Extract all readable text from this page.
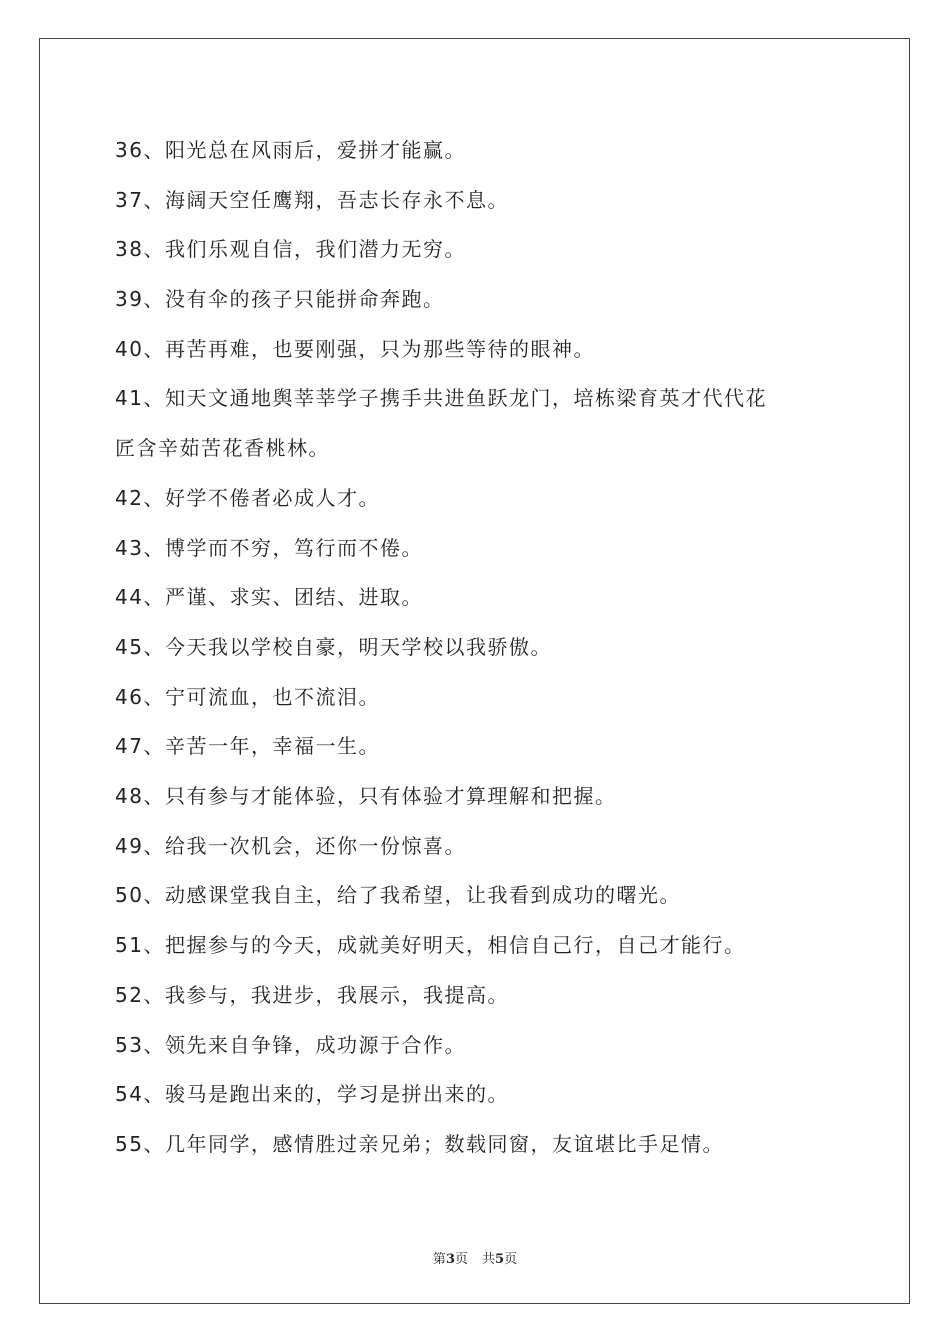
36、阳光总在风雨后，爱拼才能赢。
37、海阔天空任鹰翔，吾志长存永不息。
38、我们乐观自信，我们潜力无穷。
39、没有伞的孩子只能拼命奔跑。
40、再苦再难，也要刚强，只为那些等待的眼神。
41、知天文通地舆莘莘学子携手共进鱼跃龙门，培栋梁育英才代代花
匠含辛茹苦花香桃林。
42、好学不倦者必成人才。
43、博学而不穷，笃行而不倦。
44、严谨、求实、团结、进取。
45、今天我以学校自豪，明天学校以我骄傲。
46、宁可流血，也不流泪。
47、辛苦一年，幸福一生。
48、只有参与才能体验，只有体验才算理解和把握。
49、给我一次机会，还你一份惊喜。
50、动感课堂我自主，给了我希望，让我看到成功的曙光。
51、把握参与的今天，成就美好明天，相信自己行，自己才能行。
52、我参与，我进步，我展示，我提高。
53、领先来自争锋，成功源于合作。
54、骏马是跑出来的，学习是拼出来的。
55、几年同学，感情胜过亲兄弟；数载同窗，友谊堪比手足情。
第3页 共5页
